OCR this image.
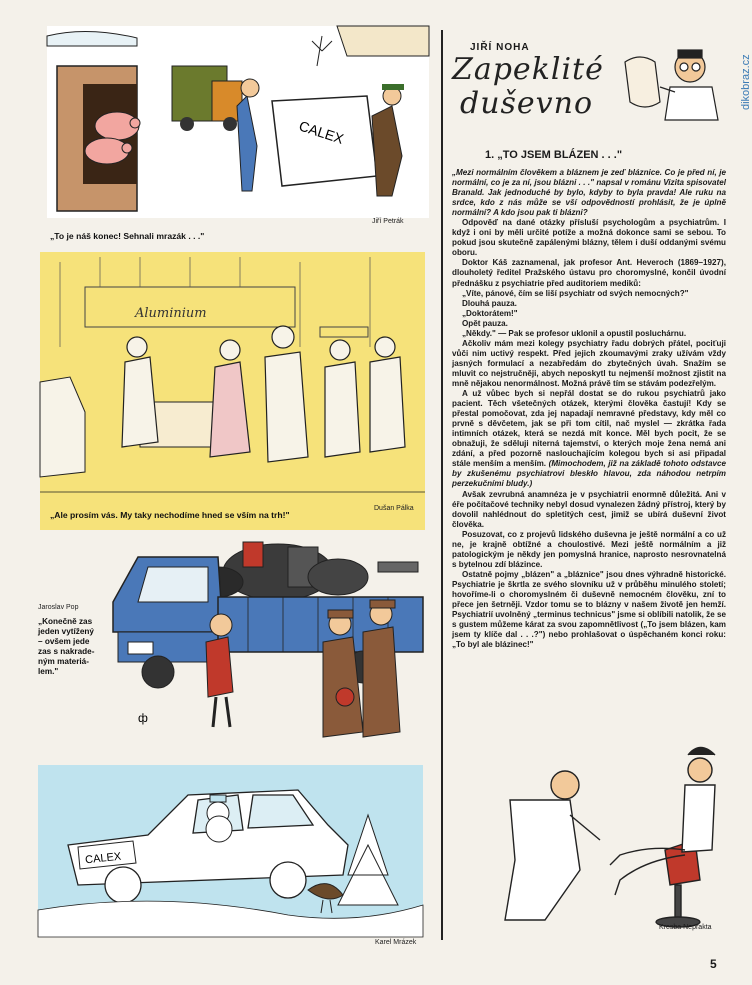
CALEX
Jiří Petrák
„To je náš konec! Sehnali mrazák . . ."
Aluminium
Dušan Pálka
„Ale prosím vás. My taky nechodíme hned se vším na trh!"
ф
Jaroslav Pop
„Konečně zas
jeden vytížený
– ovšem jede
zas s nakrade-
ným materiá-
lem."
CALEX
Karel Mrázek
JIŘÍ NOHA
Zapeklité
duševno	dikobraz.cz
1. „TO JSEM BLÁZEN . . ."

„Mezi normálním člověkem a bláznem je zeď bláznice. Co je před ní, je normální, co je za ní, jsou blázni . . ." napsal v románu Vizita spisovatel Branald. Jak jednoduché by bylo, kdyby to byla pravda! Ale ruku na srdce, kdo z nás může se vší odpovědností prohlásit, že je úplně normální? A kdo jsou pak ti blázni?

Odpověď na dané otázky přísluší psychologům a psychiatrům. I když i oni by měli určité potíže a možná dokonce sami se sebou. To pokud jsou skutečně zapálenými blázny, tělem i duší oddanými svému oboru.

Doktor Káš zaznamenal, jak profesor Ant. Heveroch (1869–1927), dlouholetý ředitel Pražského ústavu pro choromyslné, končil úvodní přednášku z psychiatrie před auditoriem mediků:

„Víte, pánové, čím se liší psychiatr od svých nemocných?"

Dlouhá pauza.

„Doktorátem!"

Opět pauza.

„Někdy." — Pak se profesor uklonil a opustil posluchárnu.

Ačkoliv mám mezi kolegy psychiatry řadu dobrých přátel, pociťuji vůči nim uctivý respekt. Před jejich zkoumavými zraky užívám vždy jasných formulací a nezabředám do zbytečných úvah. Snažím se mluvit co nejstručněji, abych neposkytl tu nejmenší možnost zjistit na mně nějakou nenormálnost. Možná právě tím se stávám podezřelým.

A už vůbec bych si nepřál dostat se do rukou psychiatrů jako pacient. Těch všetečných otázek, kterými člověka častují! Kdy se přestal pomočovat, zda jej napadají nemravné představy, kdy měl co prvně s děvčetem, jak se při tom cítil, nač myslel — zkrátka řada intimních otázek, která se nezdá mít konce. Měl bych pocit, že se obnažuji, že sděluji niterná tajemství, o kterých moje žena nemá ani zdání, a před pozorně naslouchajícím kolegou bych si asi připadal stále menším a menším. (Mimochodem, již na základě tohoto odstavce by zkušenému psychiatrovi bleskło hlavou, zda náhodou netrpím perzekučními bludy.)

Avšak zevrubná anamnéza je v psychiatrii enormně důležitá. Ani v éře počítačové techniky nebyl dosud vynalezen žádný přístroj, který by dovolil nahlédnout do spletitých cest, jimiž se ubírá duševní život člověka.

Posuzovat, co z projevů lidského duševna je ještě normální a co už ne, je krajně obtížné a choulostivé. Mezi ještě normálním a již patologickým je někdy jen pomyslná hranice, naprosto nesrovnatelná s bytelnou zdí blázince.

Ostatně pojmy „blázen" a „bláznice" jsou dnes výhradně historické. Psychiatrie je škrtla ze svého slovníku už v průběhu minulého století; hovoříme-li o choromyslném či duševně nemocném člověku, zní to přece jen šetrněji. Vzdor tomu se to blázny v našem životě jen hemží. Psychiatrií uvolněný „terminus technicus" jsme si oblíbili natolik, že se s gustem můžeme kárat za svou zapomnětlivost („To jsem blázen, kam jsem ty klíče dal . . .?") nebo prohlašovat o úspěchaném konci roku: „To byl ale blázinec!"

Kresba Neprakta
5
